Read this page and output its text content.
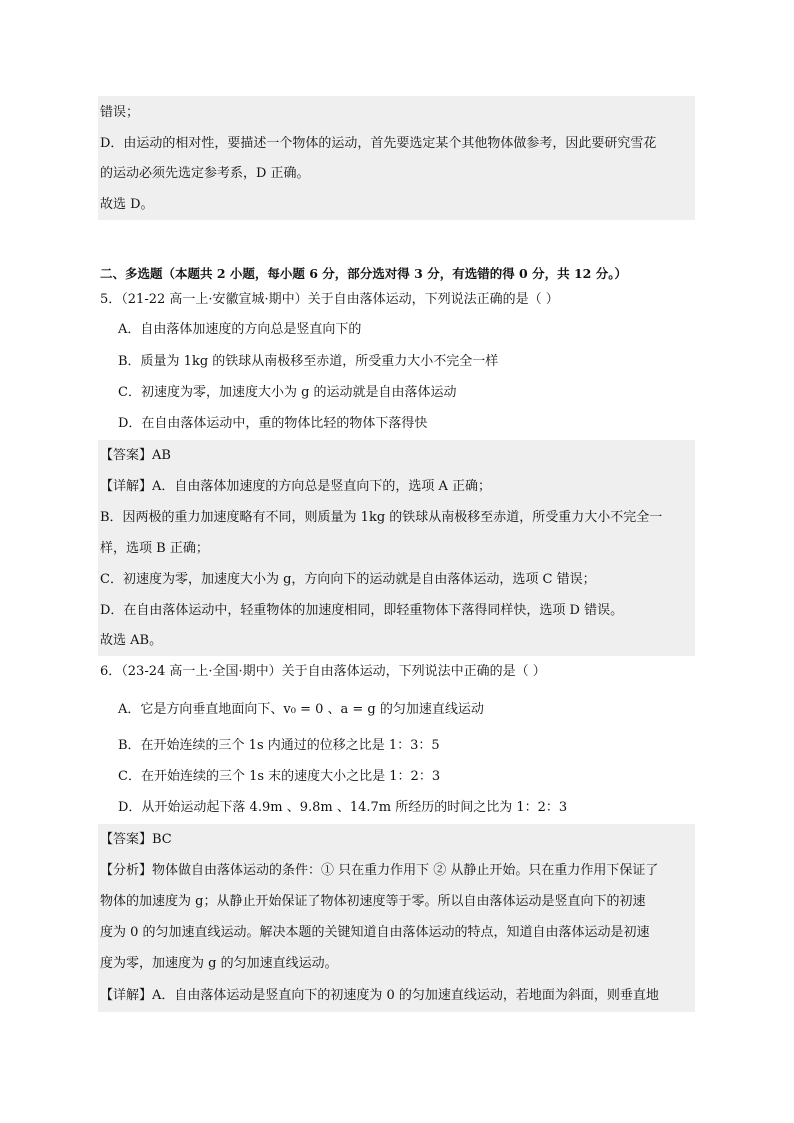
错误；
D．由运动的相对性，要描述一个物体的运动，首先要选定某个其他物体做参考，因此要研究雪花
的运动必须先选定参考系，D 正确。
故选 D。
二、多选题（本题共 2 小题，每小题 6 分，部分选对得 3 分，有选错的得 0 分，共 12 分。）
5．（21-22 高一上·安徽宣城·期中）关于自由落体运动，下列说法正确的是（ ）
A．自由落体加速度的方向总是竖直向下的
B．质量为 1kg 的铁球从南极移至赤道，所受重力大小不完全一样
C．初速度为零，加速度大小为 g 的运动就是自由落体运动
D．在自由落体运动中，重的物体比轻的物体下落得快
【答案】AB
【详解】A．自由落体加速度的方向总是竖直向下的，选项 A 正确；
B．因两极的重力加速度略有不同，则质量为 1kg 的铁球从南极移至赤道，所受重力大小不完全一
样，选项 B 正确；
C．初速度为零，加速度大小为 g，方向向下的运动就是自由落体运动，选项 C 错误；
D．在自由落体运动中，轻重物体的加速度相同，即轻重物体下落得同样快，选项 D 错误。
故选 AB。
6．（23-24 高一上·全国·期中）关于自由落体运动，下列说法中正确的是（ ）
A．它是方向垂直地面向下、v₀ = 0 、a = g 的匀加速直线运动
B．在开始连续的三个 1s 内通过的位移之比是 1：3：5
C．在开始连续的三个 1s 末的速度大小之比是 1：2：3
D．从开始运动起下落 4.9m 、9.8m 、14.7m 所经历的时间之比为 1：2：3
【答案】BC
【分析】物体做自由落体运动的条件：① 只在重力作用下 ② 从静止开始。只在重力作用下保证了
物体的加速度为 g；从静止开始保证了物体初速度等于零。所以自由落体运动是竖直向下的初速
度为 0 的匀加速直线运动。解决本题的关键知道自由落体运动的特点，知道自由落体运动是初速
度为零，加速度为 g 的匀加速直线运动。
【详解】A．自由落体运动是竖直向下的初速度为 0 的匀加速直线运动，若地面为斜面，则垂直地
